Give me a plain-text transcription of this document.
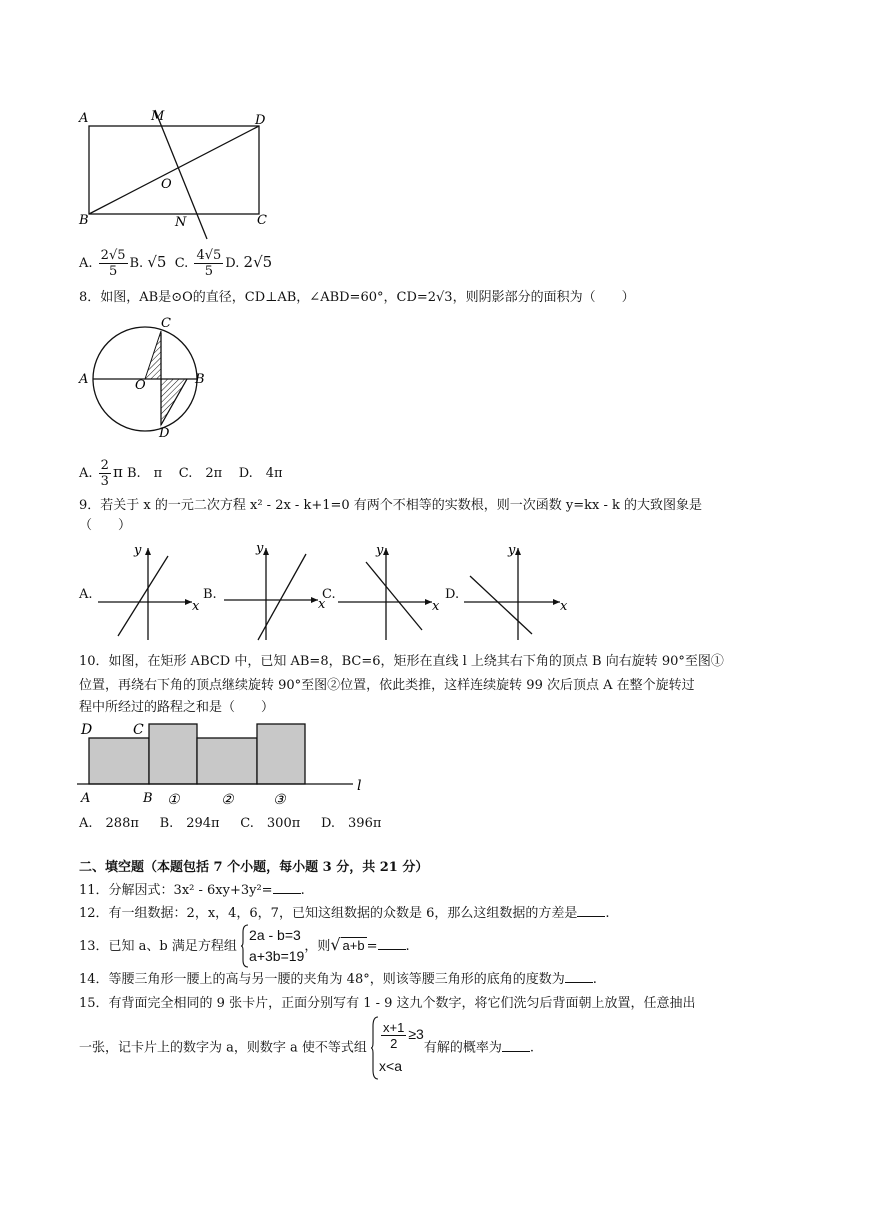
A	M	D
O
B	N	C
A. $\frac{2√5}{5} B$. √5 C. $\frac{4√5}{5} D$. 2√5
8．如图，AB是⊙O的直径，CD⊥AB，∠ABD=60°，CD=2√3，则阴影部分的面积为（　　）
C
A	O	B
D
A. $\frac{2}{3}$ π B.　π C.　2π D.　4π
9．若关于 x 的一元二次方程 x² - 2x - k+1=0 有两个不相等的实数根，则一次函数 y=kx - k 的大致图象是
（　　）
A.
x
y
B.
x
y
C.
x
y
D.
x
y
10．如图，在矩形 ABCD 中，已知 AB=8，BC=6，矩形在直线 l 上绕其右下角的顶点 B 向右旋转 90°至图①
位置，再绕右下角的顶点继续旋转 90°至图②位置，依此类推，这样连续旋转 99 次后顶点 A 在整个旋转过
程中所经过的路程之和是（　　）
D	C
A	B ①	②	③
l
A.　288π B.　294π C.　300π D.　396π
二、填空题（本题包括 7 个小题，每小题 3 分，共 21 分）
11．分解因式：3x² - 6xy+3y²= .
12．有一组数据：2，x，4，6，7，已知这组数据的众数是 6，那么这组数据的方差是 .
13．已知 a、b 满足方程组
2a - b=3
a+3b=19
，则√ a+b = .
14．等腰三角形一腰上的高与另一腰的夹角为 48°，则该等腰三角形的底角的度数为 .
15．有背面完全相同的 9 张卡片，正面分别写有 1 - 9 这九个数字，将它们洗匀后背面朝上放置，任意抽出
一张，记卡片上的数字为 a，则数字 a 使不等式组 $\frac{x+1}{2} \ge 3$
x<a
有解的概率为 .
